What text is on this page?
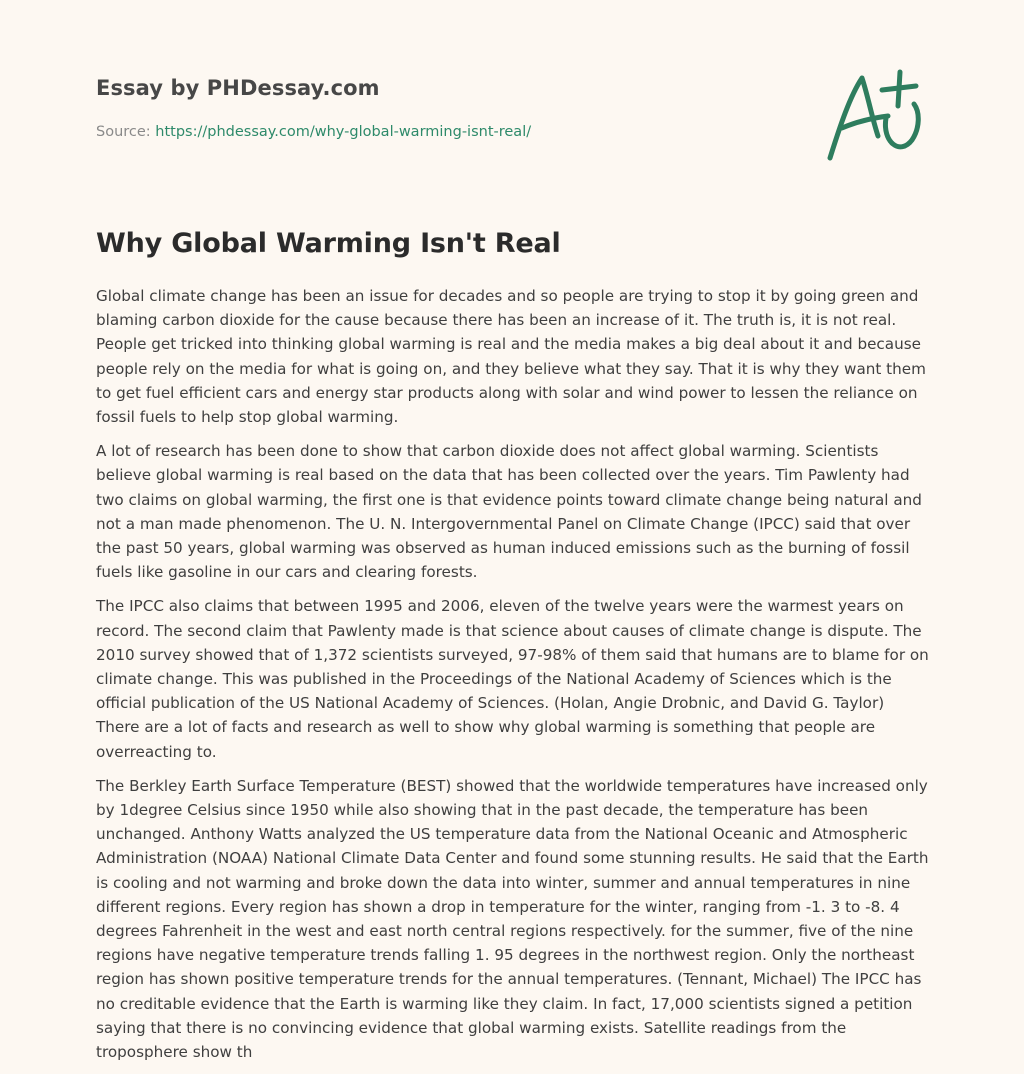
Essay by PHDessay.com
Source: https://phdessay.com/why-global-warming-isnt-real/
Why Global Warming Isn't Real

Global climate change has been an issue for decades and so people are trying to stop it by going green and blaming carbon dioxide for the cause because there has been an increase of it. The truth is, it is not real. People get tricked into thinking global warming is real and the media makes a big deal about it and because people rely on the media for what is going on, and they believe what they say. That it is why they want them to get fuel efficient cars and energy star products along with solar and wind power to lessen the reliance on fossil fuels to help stop global warming.

A lot of research has been done to show that carbon dioxide does not affect global warming. Scientists believe global warming is real based on the data that has been collected over the years. Tim Pawlenty had two claims on global warming, the first one is that evidence points toward climate change being natural and not a man made phenomenon. The U. N. Intergovernmental Panel on Climate Change (IPCC) said that over the past 50 years, global warming was observed as human induced emissions such as the burning of fossil fuels like gasoline in our cars and clearing forests.

The IPCC also claims that between 1995 and 2006, eleven of the twelve years were the warmest years on record. The second claim that Pawlenty made is that science about causes of climate change is dispute. The 2010 survey showed that of 1,372 scientists surveyed, 97-98% of them said that humans are to blame for on climate change. This was published in the Proceedings of the National Academy of Sciences which is the official publication of the US National Academy of Sciences. (Holan, Angie Drobnic, and David G. Taylor) There are a lot of facts and research as well to show why global warming is something that people are overreacting to.

The Berkley Earth Surface Temperature (BEST) showed that the worldwide temperatures have increased only by 1degree Celsius since 1950 while also showing that in the past decade, the temperature has been unchanged. Anthony Watts analyzed the US temperature data from the National Oceanic and Atmospheric Administration (NOAA) National Climate Data Center and found some stunning results. He said that the Earth is cooling and not warming and broke down the data into winter, summer and annual temperatures in nine different regions. Every region has shown a drop in temperature for the winter, ranging from -1. 3 to -8. 4 degrees Fahrenheit in the west and east north central regions respectively. for the summer, five of the nine regions have negative temperature trends falling 1. 95 degrees in the northwest region. Only the northeast region has shown positive temperature trends for the annual temperatures. (Tennant, Michael) The IPCC has no creditable evidence that the Earth is warming like they claim. In fact, 17,000 scientists signed a petition saying that there is no convincing evidence that global warming exists. Satellite readings from the troposphere show th
